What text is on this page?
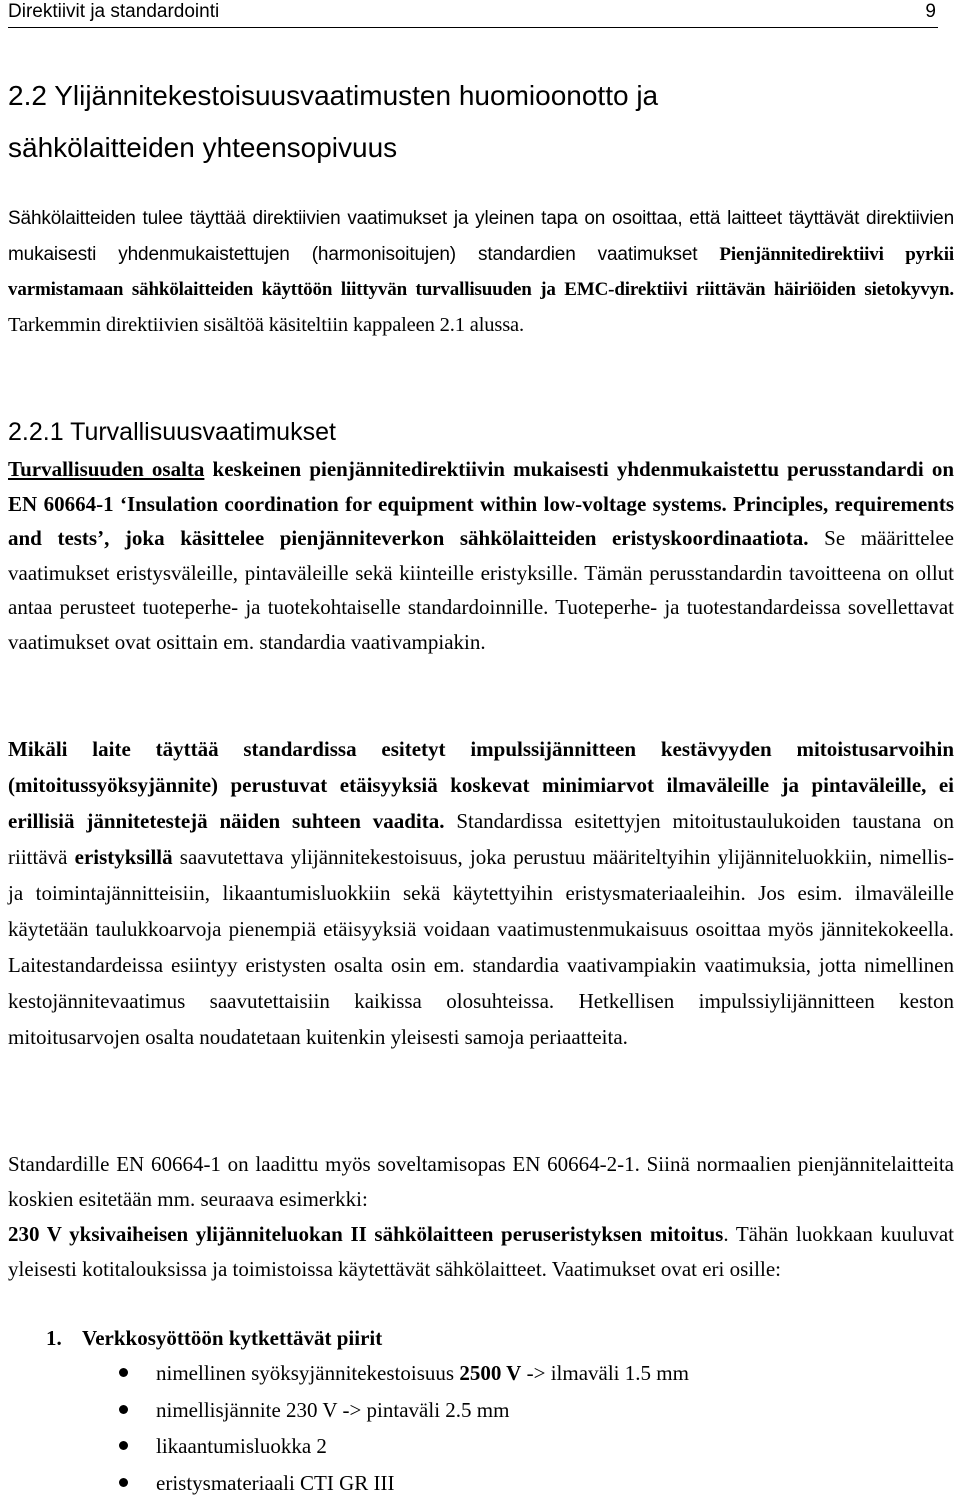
Direktiivit ja standardointi	9
2.2 Ylijännitekestoisuusvaatimusten huomioonotto ja
sähkölaitteiden yhteensopivuus

Sähkölaitteiden tulee täyttää direktiivien vaatimukset ja yleinen tapa on osoittaa, että laitteet täyttävät direktiivien mukaisesti yhdenmukaistettujen (harmonisoitujen) standardien vaatimukset Pienjännitedirektiivi pyrkii varmistamaan sähkölaitteiden käyttöön liittyvän turvallisuuden ja EMC-direktiivi riittävän häiriöiden sietokyvyn. Tarkemmin direktiivien sisältöä käsiteltiin kappaleen 2.1 alussa.

2.2.1 Turvallisuusvaatimukset

Turvallisuuden osalta keskeinen pienjännitedirektiivin mukaisesti yhdenmukaistettu perusstandardi on EN 60664-1 ‘Insulation coordination for equipment within low-voltage systems. Principles, requirements and tests’, joka käsittelee pienjänniteverkon sähkölaitteiden eristyskoordinaatiota. Se määrittelee vaatimukset eristysväleille, pintaväleille sekä kiinteille eristyksille. Tämän perusstandardin tavoitteena on ollut antaa perusteet tuoteperhe- ja tuotekohtaiselle standardoinnille. Tuoteperhe- ja tuotestandardeissa sovellettavat vaatimukset ovat osittain em. standardia vaativampiakin.

Mikäli laite täyttää standardissa esitetyt impulssijännitteen kestävyyden mitoistusarvoihin (mitoitussyöksyjännite) perustuvat etäisyyksiä koskevat minimiarvot ilmaväleille ja pintaväleille, ei erillisiä jännitetestejä näiden suhteen vaadita. Standardissa esitettyjen mitoitustaulukoiden taustana on riittävä eristyksillä saavutettava ylijännitekestoisuus, joka perustuu määriteltyihin ylijänniteluokkiin, nimellis- ja toimintajännitteisiin, likaantumisluokkiin sekä käytettyihin eristysmateriaaleihin. Jos esim. ilmaväleille käytetään taulukkoarvoja pienempiä etäisyyksiä voidaan vaatimustenmukaisuus osoittaa myös jännitekokeella. Laitestandardeissa esiintyy eristysten osalta osin em. standardia vaativampiakin vaatimuksia, jotta nimellinen kestojännitevaatimus saavutettaisiin kaikissa olosuhteissa. Hetkellisen impulssiylijännitteen keston mitoitusarvojen osalta noudatetaan kuitenkin yleisesti samoja periaatteita.

Standardille EN 60664-1 on laadittu myös soveltamisopas EN 60664-2-1. Siinä normaalien pienjännitelaitteita koskien esitetään mm. seuraava esimerkki:
230 V yksivaiheisen ylijänniteluokan II sähkölaitteen peruseristyksen mitoitus. Tähän luokkaan kuuluvat yleisesti kotitalouksissa ja toimistoissa käytettävät sähkölaitteet. Vaatimukset ovat eri osille:

1. Verkkosyöttöön kytkettävät piirit
nimellinen syöksyjännitekestoisuus 2500 V -> ilmaväli 1.5 mm
nimellisjännite 230 V -> pintaväli 2.5 mm
likaantumisluokka 2
eristysmateriaali CTI GR III
